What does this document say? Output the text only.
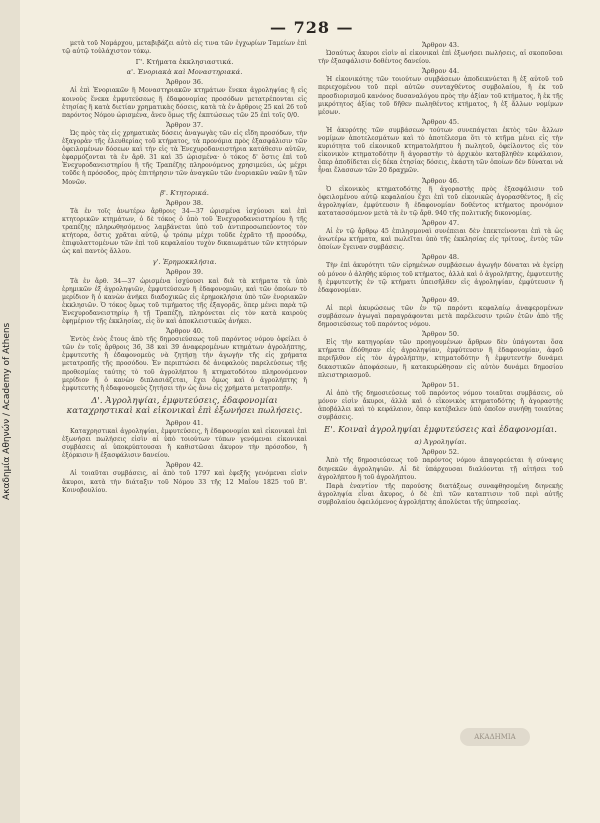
Ακαδημία Αθηνών / Academy of Athens
— 728 —

μετὰ τοῦ Νομάρχου, μεταβιβάζει αὐτὸ εἰς τινα τῶν ἐγχωρίων Ταμείων ἐπὶ τῷ αὐτῷ τοὐλάχιστον τόκῳ.

Γ'. Κτήματα ἐκκλησιαστικά.
α'. Ἐνοριακὰ καὶ Μοναστηριακά.
Ἄρθρον 36.

Αἱ ἐπὶ Ἐνοριακῶν ἢ Μοναστηριακῶν κτημάτων ἕνεκα ἀγροληψίας ἢ εἰς κοινοὺς ἕνεκα ἐμφυτεύσεως ἢ ἐδαφονομίας προσόδων μετατρέπονται εἰς ἐτησίας ἢ κατὰ διετίαν χρηματικὰς δόσεις, κατὰ τὰ ἐν ἄρθροις 25 καὶ 26 τοῦ παρόντος Νόμου ὡρισμένα, ἄνευ ὅμως τῆς ἐκπτώσεως τῶν 25 ἐπὶ τοῖς 0/0.

Ἄρθρον 37.

Ὡς πρὸς τὰς εἰς χρηματικὰς δόσεις ἀναγωγὰς τῶν εἰς εἴδη προσόδων, τὴν ἐξαγορὰν τῆς ἐλευθερίας τοῦ κτήματος, τὰ προνόμια πρὸς ἐξασφάλισιν τῶν ὀφειλομένων δόσεων καὶ τὴν εἰς τὰ Ἐνεχυροδανειστήρια κατάθεσιν αὐτῶν, ἐφαρμόζονται τὰ ἐν ἄρθ. 31 καὶ 35 ὡρισμένα· ὁ τόκος δ' ὅστις ἐπὶ τοῦ Ἐνεχυροδανειστηρίου ἢ τῆς Τραπέζης πληρονόμενος χρησιμεύει, ὡς μέχρι τοῦδε ἡ πρόσοδος, πρὸς ἐπιτήρησιν τῶν ἀναγκῶν τῶν ἐνοριακῶν ναῶν ἢ τῶν Μονῶν.

β'. Κτητορικά.
Ἄρθρον 38.

Τὰ ἐν τοῖς ἀνωτέρω ἄρθροις 34—37 ὡρισμένα ἰσχύουσι καὶ ἐπὶ κτητορικῶν κτημάτων, ὁ δὲ τόκος ὁ ὑπὸ τοῦ Ἐνεχυροδανειστηρίου ἢ τῆς τραπέζης πληρωθησόμενος λαμβάνεται ὑπὸ τοῦ ἀντιπροσωπεύοντος τὸν κτήτορα, ὅστις χρᾶται αὐτῷ, ᾧ τρόπῳ μέχρι τοῦδε ἐχρᾶτο τῇ προσόδῳ, ἐπιφυλαττομένων τῶν ἐπὶ τοῦ κεφαλαίου τυχὸν δικαιωμάτων τῶν κτητόρων ὡς καὶ παντὸς ἄλλου.

γ'. Ἐρημοκκλήσια.
Ἄρθρον 39.

Τὰ ἐν ἄρθ. 34—37 ὡρισμένα ἰσχύουσι καὶ διὰ τὰ κτήματα τὰ ὑπὸ ἐρημικῶν ἐξ ἀγροληψιῶν, ἐμφυτεύσεων ἢ ἐδαφονομιῶν, καὶ τῶν ὁποίων τὸ μερίδιον ἢ ὁ κανὼν ἀνήκει διαδοχικῶς εἰς ἐρημοκλήσια ὑπὸ τῶν ἐνοριακῶν ἐκκλησιῶν. Ὁ τόκος ὅμως τοῦ τιμήματος τῆς ἐξαγορᾶς, ὅπερ μένει παρὰ τῷ Ἐνεχυροδανειστηρίῳ ἢ τῇ Τραπέζῃ, πληρόνεται εἰς τὸν κατὰ καιροὺς ἐφημέριον τῆς ἐκκλησίας, εἰς ὃν καὶ ἀποκλειστικῶς ἀνήκει.

Ἄρθρον 40.

Ἐντὸς ἑνὸς ἔτους ἀπὸ τῆς δημοσιεύσεως τοῦ παρόντος νόμου ὀφείλει ὁ τῶν ἐν τοῖς ἄρθροις 36, 38 καὶ 39 ἀναφερομένων κτημάτων ἀγρολήπτης, ἐμφυτευτὴς ἢ ἐδαφονομεὺς νὰ ζητήσῃ τὴν ἀγωγὴν τῆς εἰς χρήματα μετατροπῆς τῆς προσόδου. Ἐν περιπτώσει δὲ ἀνεφαλοὺς παρελεύσεως τῆς προθεσμίας ταύτης τὸ τοῦ ἀγρολήπτου ἢ κτηματοδότου πληρονόμενον μερίδιον ἢ ὁ κανὼν διπλασιάζεται, ἔχει ὅμως καὶ ὁ ἀγρολήπτης ἢ ἐμφυτευτὴς ἢ ἐδαφονομεὺς ζητήσει τὴν ὡς ἄνω εἰς χρήματα μετατροπήν.

Δ'. Ἀγροληψίαι, ἐμφυτεύσεις, ἐδαφονομίαι καταχρηστικαὶ καὶ εἰκονικαὶ ἐπὶ ἐξωνήσει πωλήσεις.
Ἄρθρον 41.

Καταχρηστικαὶ ἀγροληψίαι, ἐμφυτεύσεις, ἢ ἐδαφονομίαι καὶ εἰκονικαὶ ἐπὶ ἐξωνήσει πωλήσεις εἰσὶν αἱ ὑπὸ τοιούτων τύπων γενόμεναι εἰκονικαὶ συμβάσεις αἱ ὑποκρύπτουσαι ἢ καθιστῶσαι ἄκυρον τὴν πρόσοδον, ἢ ἐξόρκισιν ἢ ἐξασφάλισιν δανείου.

Ἄρθρον 42.

Αἱ τοιαῦται συμβάσεις, αἱ ἀπὸ τοῦ 1797 καὶ ἐφεξῆς γενόμεναι εἰσὶν ἄκυροι, κατὰ τὴν διάταξιν τοῦ Νόμου 33 τῆς 12 Μαΐου 1825 τοῦ Β'. Κοινοβουλίου.

Ἄρθρον 43.

Ὡσαύτως ἄκυροι εἰσὶν αἱ εἰκονικαὶ ἐπὶ ἐξωνήσει πωλήσεις, αἱ σκοποῦσαι τὴν ἐξασφάλισιν δοθέντος δανείου.

Ἄρθρον 44.

Ἡ εἰκονικότης τῶν τοιούτων συμβάσεων ἀποδεικνύεται ἢ ἐξ αὐτοῦ τοῦ περιεχομένου τοῦ περὶ αὐτῶν συνταχθέντος συμβολαίου, ἢ ἐκ τοῦ προσδιορισμοῦ κανόνος δυσαναλόγου πρὸς τὴν ἀξίαν τοῦ κτήματος, ἢ ἐκ τῆς μικρότητος ἀξίας τοῦ δῆθεν πωληθέντος κτήματος, ἢ ἐξ ἄλλων νομίμων μέσων.

Ἄρθρον 45.

Ἡ ἀκυρότης τῶν συμβάσεων τούτων συνεπάγεται ἐκτὸς τῶν ἄλλων νομίμων ἀποτελεσμάτων καὶ τὸ ἀποτέλεσμα ὅτι τὸ κτῆμα μένει εἰς τὴν κυριότητα τοῦ εἰκονικοῦ κτηματολήπτου ἢ πωλητοῦ, ὀφείλοντος εἰς τὸν εἰκονικὸν κτηματοδότην ἢ ἀγοραστὴν τὸ ἀρχικὸν καταβληθὲν κεφάλαιον, ὅπερ ἀποδίδεται εἰς δέκα ἐτησίας δόσεις, ἑκάστη τῶν ὁποίων δὲν δύναται νὰ ἦναι ἔλασσων τῶν 20 δραχμῶν.

Ἄρθρον 46.

Ὁ εἰκονικὸς κτηματοδότης ἢ ἀγοραστὴς πρὸς ἐξασφάλισιν τοῦ ὀφειλομένου αὐτῷ κεφαλαίου ἔχει ἐπὶ τοῦ εἰκονικῶς ἀγορασθέντος, ἢ εἰς ἀγροληψίαν, ἐμφύτευσιν ἢ ἐδαφονομίαν δοθέντος κτήματος προνόμιον κατατασσόμενον μετὰ τὰ ἐν τῷ ἄρθ. 940 τῆς πολιτικῆς δικονομίας.

Ἄρθρον 47.

Αἱ ἐν τῷ ἄρθρῳ 45 ἐπιλησμοναὶ συνέπειαι δὲν ἐπεκτείνονται ἐπὶ τὰ ὡς ἀνωτέρω κτήματα, καὶ πωλεῖται ὑπὸ τῆς ἐκκλησίας εἰς τρίτους, ἐντὸς τῶν ὁποίων ἔγειναν συμβάσεις.

Ἄρθρον 48.

Τὴν ἐπὶ ἀκυρότητι τῶν εἰρημένων συμβάσεων ἀγωγὴν δύναται νὰ ἐγείρῃ οὐ μόνον ὁ ἀληθὴς κύριος τοῦ κτήματος, ἀλλὰ καὶ ὁ ἀγρολήπτης, ἐμφυτευτὴς ἢ ἐμφυτευτὴς ἐν τῷ κτήματι ὑπεισῆλθεν εἰς ἀγροληψίαν, ἐμφύτευσιν ἢ ἐδαφονομίαν.

Ἄρθρον 49.

Αἱ περὶ ἀκυρώσεως τῶν ἐν τῷ παρόντι κεφαλαίῳ ἀναφερομένων συμβάσεων ἀγωγαὶ παραγράφονται μετὰ παρέλευσιν τριῶν ἐτῶν ἀπὸ τῆς δημοσιεύσεως τοῦ παρόντος νόμου.

Ἄρθρον 50.

Εἰς τὴν κατηγορίαν τῶν προηγουμένων ἄρθρων δὲν ὑπάγονται ὅσα κτήματα ἐδόθησαν εἰς ἀγροληψίαν, ἐμφύτευσιν ἢ ἐδαφονομίαν, ἀφοῦ περιῆλθον εἰς τὸν ἀγρολήπτην, κτηματοδότην ἢ ἐμφυτευτὴν δυνάμει δικαστικῶν ἀποφάσεων, ἢ κατακυρώθησαν εἰς αὐτὸν δυνάμει δημοσίου πλειστηριασμοῦ.

Ἄρθρον 51.

Αἱ ἀπὸ τῆς δημοσιεύσεως τοῦ παρόντος νόμου τοιαῦται συμβάσεις, οὐ μόνον εἰσὶν ἄκυροι, ἀλλὰ καὶ ὁ εἰκονικὸς κτηματοδότης ἢ ἀγοραστὴς ἀποβάλλει καὶ τὸ κεφάλαιον, ὅπερ κατέβαλεν ὑπὸ ὁποῖον συνήθῃ τοιαύτας συμβάσεις.

Ε'. Κοιναὶ ἀγροληψίαι ἐμφυτεύσεις καὶ ἐδαφονομίαι.
α) Ἀγροληψίαι.
Ἄρθρον 52.

Ἀπὸ τῆς δημοσιεύσεως τοῦ παρόντος νόμου ἀπαγορεύεται ἡ σύναψις διηνεκῶν ἀγροληψιῶν. Αἱ δὲ ὑπάρχουσαι διαλύονται τῇ αἰτήσει τοῦ ἀγρολήπτου ἢ τοῦ ἀγρολήπτου.

Παρὰ ἐναντίον τῆς παρούσης διατάξεως συναφθησομένη διηνεκὴς ἀγροληψία εἶναι ἄκυρος, ὁ δὲ ἐπὶ τῶν καταπτισιν τοῦ περὶ αὐτῆς συμβολαίου ὀφειλόμενος ἀγρολήπτης ἀπολύεται τῆς ὑπηρεσίας.

ΑΚΑΔΗΜΙΑ
